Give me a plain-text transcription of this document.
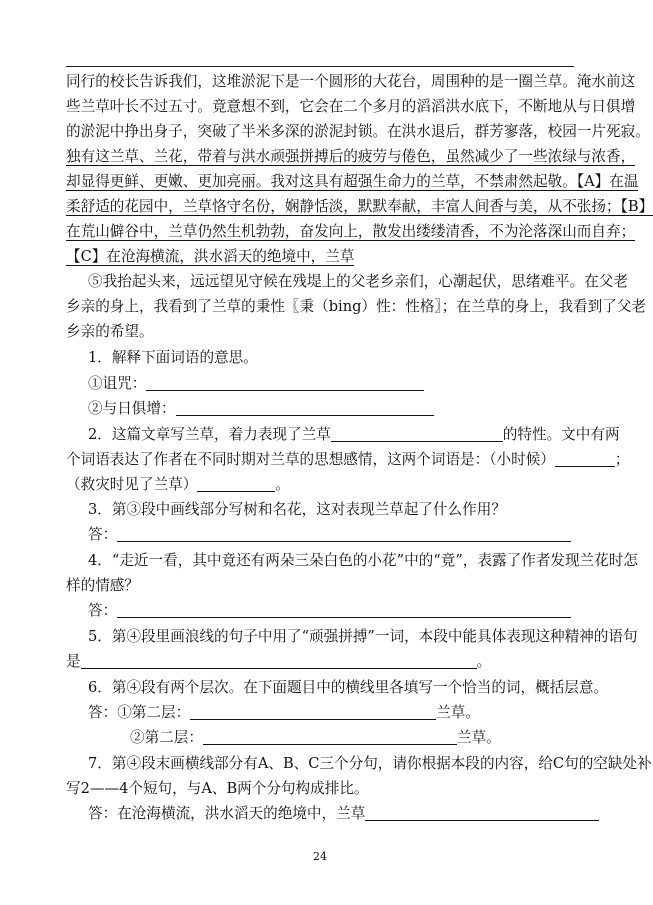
同行的校长告诉我们，这堆淤泥下是一个圆形的大花台，周围种的是一圈兰草。淹水前这
些兰草叶长不过五寸。竟意想不到，它会在二个多月的滔滔洪水底下，不断地从与日俱增
的淤泥中挣出身子，突破了半米多深的淤泥封锁。在洪水退后，群芳寥落，校园一片死寂。
独有这兰草、兰花，带着与洪水顽强拼搏后的疲劳与倦色，虽然减少了一些浓绿与浓香，
却显得更鲜、更嫩、更加亮丽。我对这具有超强生命力的兰草，不禁肃然起敬。【A】在温
柔舒适的花园中，兰草恪守名份，娴静恬淡，默默奉献，丰富人间香与美，从不张扬；【B】
在荒山僻谷中，兰草仍然生机勃勃，奋发向上，散发出缕缕清香，不为沦落深山而自弃；
【C】在沧海横流，洪水滔天的绝境中，兰草
⑤我抬起头来，远远望见守候在残堤上的父老乡亲们，心潮起伏，思绪难平。在父老
乡亲的身上，我看到了兰草的秉性〖秉（bing）性：性格〗；在兰草的身上，我看到了父老
乡亲的希望。
1．解释下面词语的意思。
①诅咒：
②与日俱增：
2．这篇文章写兰草，着力表现了兰草	的特性。文中有两
个词语表达了作者在不同时期对兰草的思想感情，这两个词语是：（小时候）	；
（救灾时见了兰草）	。
3．第③段中画线部分写树和名花，这对表现兰草起了什么作用？
答：
4．“走近一看，其中竟还有两朵三朵白色的小花”中的“竟”，表露了作者发现兰花时怎
样的情感？
答：
5．第④段里画浪线的句子中用了“顽强拼搏”一词，本段中能具体表现这种精神的语句
是	。
6．第④段有两个层次。在下面题目中的横线里各填写一个恰当的词，概括层意。
答：①第二层：	兰草。
②第二层：	兰草。
7．第④段末画横线部分有A、B、C三个分句，请你根据本段的内容，给C句的空缺处补
写2——4个短句，与A、B两个分句构成排比。
答：在沧海横流，洪水滔天的绝境中，兰草
24
